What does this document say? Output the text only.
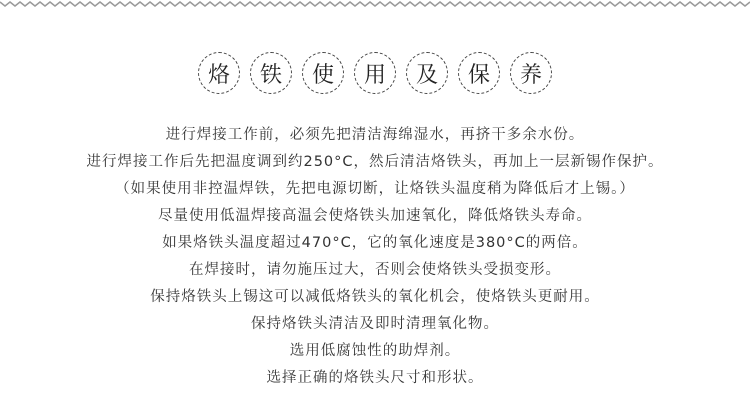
烙	铁	使	用	及	保	养
进行焊接工作前，必须先把清洁海绵湿水，再挤干多余水份。
进行焊接工作后先把温度调到约250°C，然后清洁烙铁头，再加上一层新锡作保护。
（如果使用非控温焊铁，先把电源切断，让烙铁头温度稍为降低后才上锡。）
尽量使用低温焊接高温会使烙铁头加速氧化，降低烙铁头寿命。
如果烙铁头温度超过470°C，它的氧化速度是380°C的两倍。
在焊接时，请勿施压过大，否则会使烙铁头受损变形。
保持烙铁头上锡这可以减低烙铁头的氧化机会，使烙铁头更耐用。
保持烙铁头清洁及即时清理氧化物。
选用低腐蚀性的助焊剂。
选择正确的烙铁头尺寸和形状。
